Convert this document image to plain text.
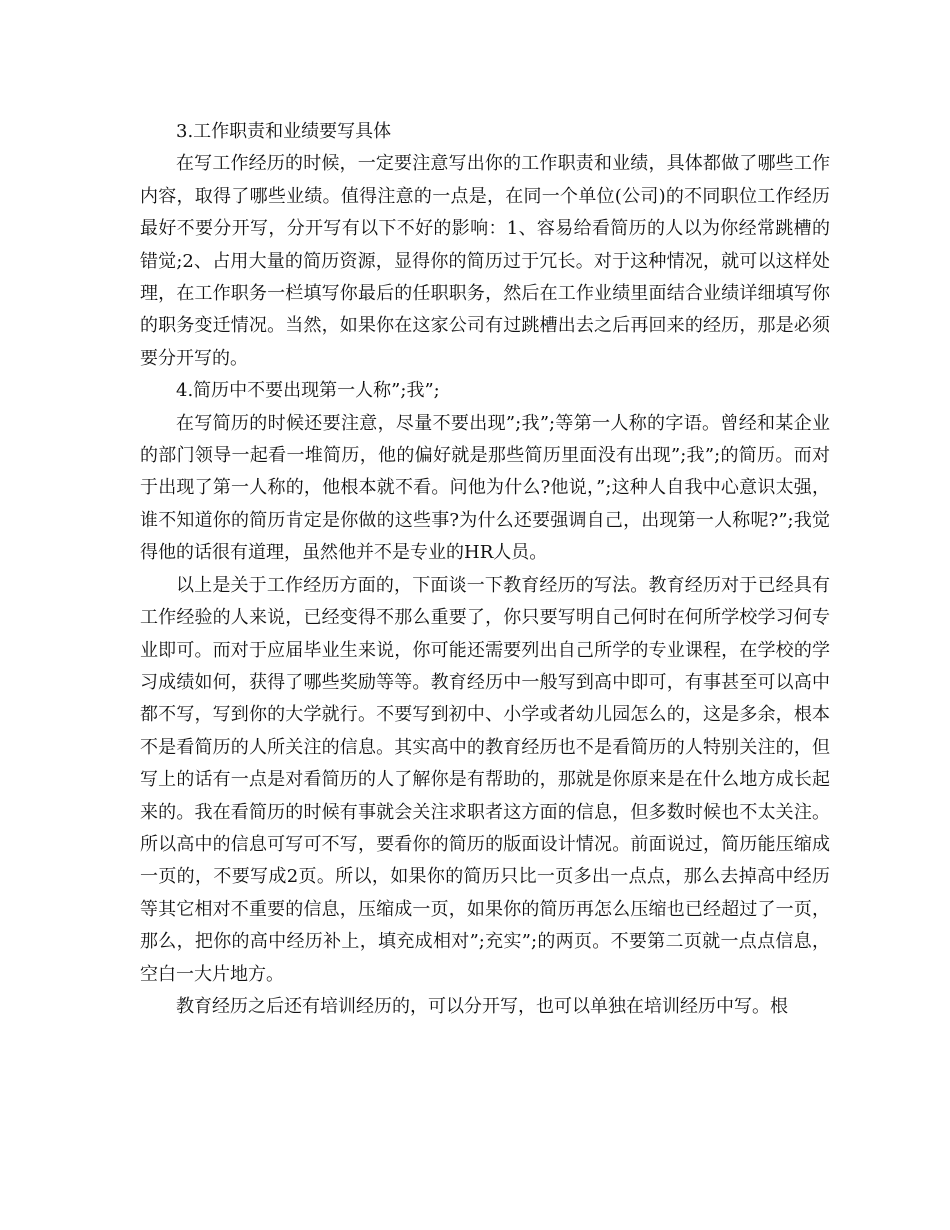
3.工作职责和业绩要写具体

在写工作经历的时候，一定要注意写出你的工作职责和业绩，具体都做了哪些工作内容，取得了哪些业绩。值得注意的一点是，在同一个单位(公司)的不同职位工作经历最好不要分开写，分开写有以下不好的影响：1、容易给看简历的人以为你经常跳槽的错觉;2、占用大量的简历资源，显得你的简历过于冗长。对于这种情况，就可以这样处理，在工作职务一栏填写你最后的任职职务，然后在工作业绩里面结合业绩详细填写你的职务变迁情况。当然，如果你在这家公司有过跳槽出去之后再回来的经历，那是必须要分开写的。

4.简历中不要出现第一人称”;我”;

在写简历的时候还要注意，尽量不要出现”;我”;等第一人称的字语。曾经和某企业的部门领导一起看一堆简历，他的偏好就是那些简历里面没有出现”;我”;的简历。而对于出现了第一人称的，他根本就不看。问他为什么?他说，”;这种人自我中心意识太强，谁不知道你的简历肯定是你做的这些事?为什么还要强调自己，出现第一人称呢?”;我觉得他的话很有道理，虽然他并不是专业的HR人员。

以上是关于工作经历方面的，下面谈一下教育经历的写法。教育经历对于已经具有工作经验的人来说，已经变得不那么重要了，你只要写明自己何时在何所学校学习何专业即可。而对于应届毕业生来说，你可能还需要列出自己所学的专业课程，在学校的学习成绩如何，获得了哪些奖励等等。教育经历中一般写到高中即可，有事甚至可以高中都不写，写到你的大学就行。不要写到初中、小学或者幼儿园怎么的，这是多余，根本不是看简历的人所关注的信息。其实高中的教育经历也不是看简历的人特别关注的，但写上的话有一点是对看简历的人了解你是有帮助的，那就是你原来是在什么地方成长起来的。我在看简历的时候有事就会关注求职者这方面的信息，但多数时候也不太关注。所以高中的信息可写可不写，要看你的简历的版面设计情况。前面说过，简历能压缩成一页的，不要写成2页。所以，如果你的简历只比一页多出一点点，那么去掉高中经历等其它相对不重要的信息，压缩成一页，如果你的简历再怎么压缩也已经超过了一页，那么，把你的高中经历补上，填充成相对”;充实”;的两页。不要第二页就一点点信息，空白一大片地方。

教育经历之后还有培训经历的，可以分开写，也可以单独在培训经历中写。根
